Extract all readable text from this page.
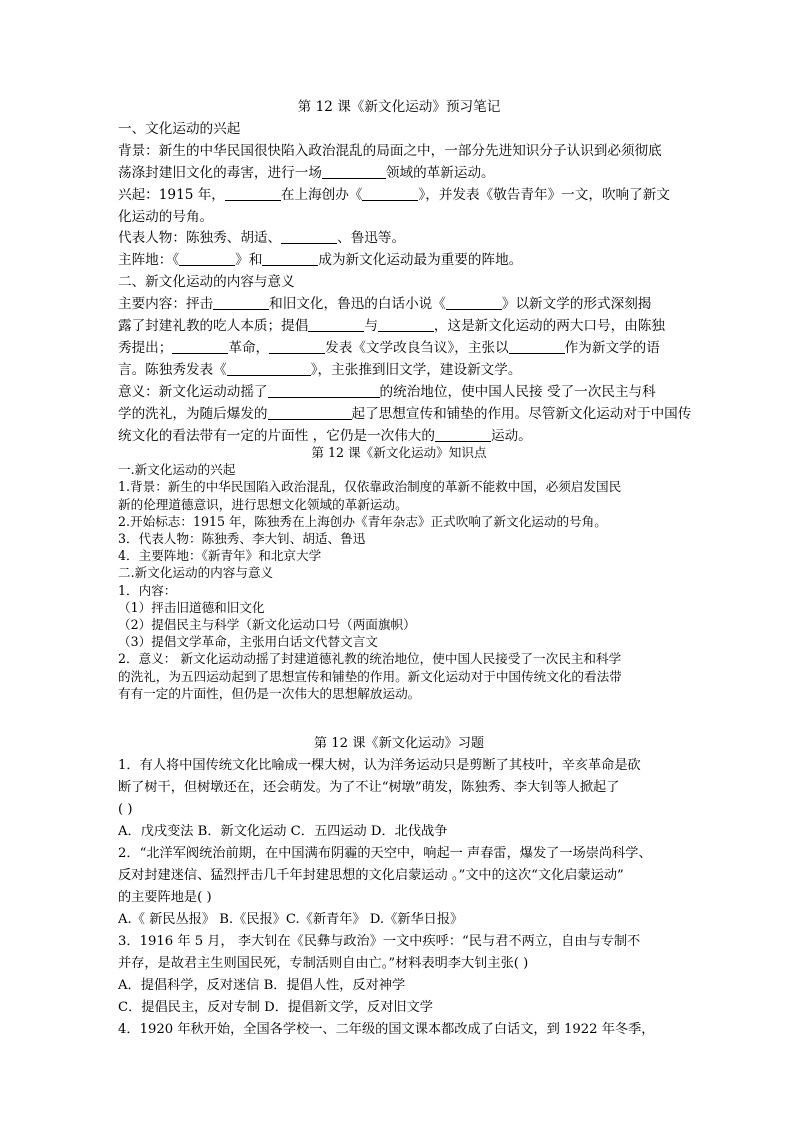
第 12 课《新文化运动》预习笔记
一、文化运动的兴起
背景：新生的中华民国很快陷入政治混乱的局面之中，一部分先进知识分子认识到必须彻底
荡涤封建旧文化的毒害，进行一场	领域的革新运动。
兴起：1915 年，	在上海创办《	》，并发表《敬告青年》一文，吹响了新文
化运动的号角。
代表人物：陈独秀、胡适、	、鲁迅等。
主阵地：《	》和	成为新文化运动最为重要的阵地。
二、新文化运动的内容与意义
主要内容：抨击	和旧文化，鲁迅的白话小说《	》以新文学的形式深刻揭
露了封建礼教的吃人本质；提倡	与	，这是新文化运动的两大口号，由陈独
秀提出；	革命，	发表《文学改良刍议》，主张以	作为新文学的语
言。陈独秀发表《	》，主张推到旧文学，建设新文学。
意义：新文化运动动摇了	的统治地位，使中国人民接 受了一次民主与科
学的洗礼，为随后爆发的	起了思想宣传和铺垫的作用。尽管新文化运动对于中国传
统文化的看法带有一定的片面性 ，它仍是一次伟大的	运动。
第 12 课《新文化运动》知识点
一.新文化运动的兴起
1.背景：新生的中华民国陷入政治混乱，仅依靠政治制度的革新不能救中国，必须启发国民
新的伦理道德意识，进行思想文化领域的革新运动。
2.开始标志：1915 年，陈独秀在上海创办《青年杂志》正式吹响了新文化运动的号角。
3．代表人物：陈独秀、李大钊、胡适、鲁迅
4．主要阵地：《新青年》和北京大学
二.新文化运动的内容与意义
1．内容：
（1）抨击旧道德和旧文化
（2）提倡民主与科学（新文化运动口号（两面旗帜）
（3）提倡文学革命，主张用白话文代替文言文
2．意义： 新文化运动动摇了封建道德礼教的统治地位，使中国人民接受了一次民主和科学
的洗礼，为五四运动起到了思想宣传和铺垫的作用。新文化运动对于中国传统文化的看法带
有有一定的片面性，但仍是一次伟大的思想解放运动。
第 12 课《新文化运动》习题
1．有人将中国传统文化比喻成一棵大树，认为洋务运动只是剪断了其枝叶，辛亥革命是砍
断了树干，但树墩还在，还会萌发。为了不让“树墩”萌发，陈独秀、李大钊等人掀起了
( )
A．戊戌变法 B．新文化运动 C．五四运动 D．北伐战争
2．“北洋军阀统治前期，在中国满布阴霾的天空中，响起一 声春雷，爆发了一场崇尚科学、
反对封建迷信、猛烈抨击几千年封建思想的文化启蒙运动 。”文中的这次“文化启蒙运动”
的主要阵地是( )
A.《 新民丛报》 B.《民报》C.《新青年》 D.《新华日报》
3．1916 年 5 月， 李大钊在《民彝与政治》一文中疾呼：“民与君不两立，自由与专制不
并存，是故君主生则国民死，专制活则自由亡。”材料表明李大钊主张( )
A．提倡科学，反对迷信 B．提倡人性，反对神学
C．提倡民主，反对专制 D．提倡新文学，反对旧文学
4．1920 年秋开始，全国各学校一、二年级的国文课本都改成了白话文，到 1922 年冬季，
